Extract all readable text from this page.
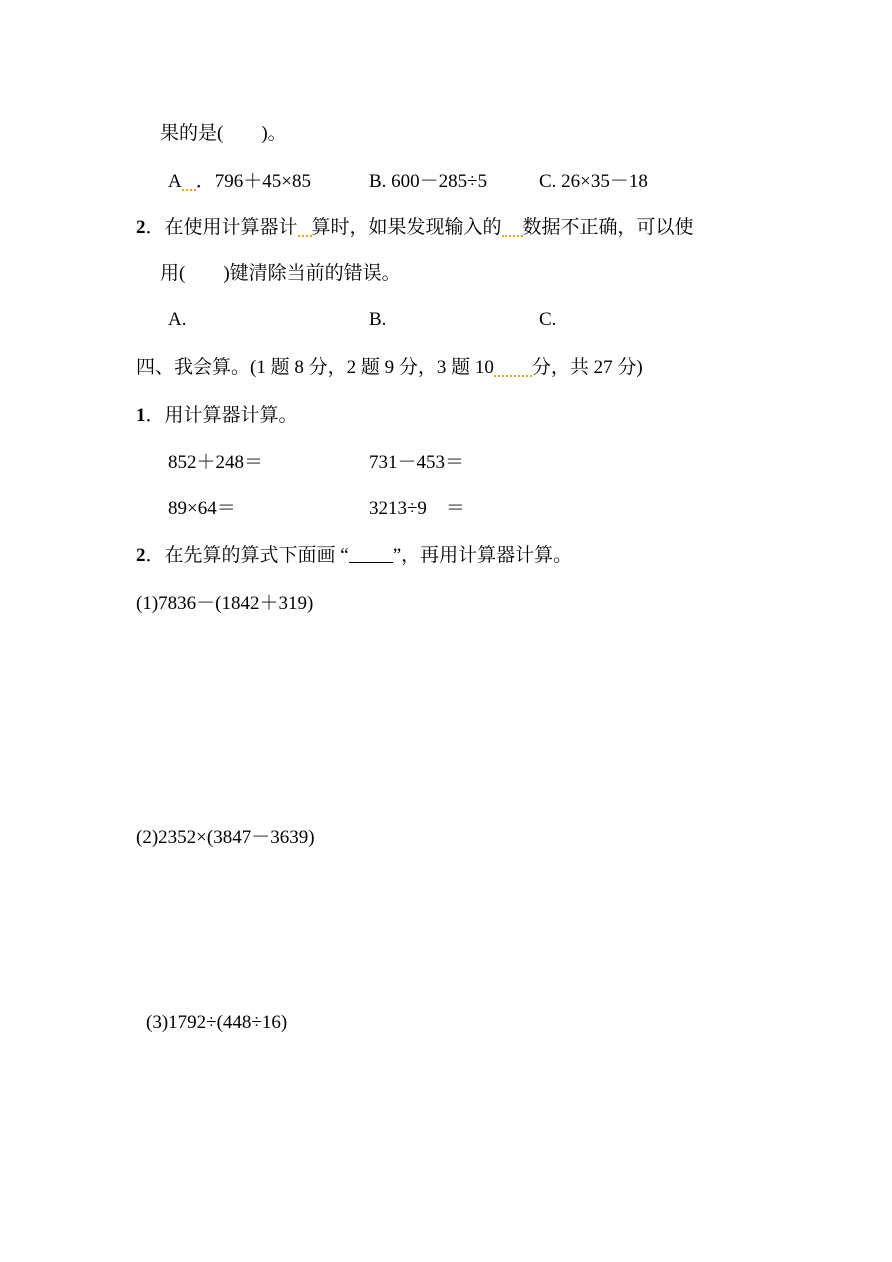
果的是(　　)。
A ．796＋45×85	B. 600－285÷5	C. 26×35－18
2．在使用计算器计 算时，如果发现输入的 数据不正确，可以使
用(　　)键清除当前的错误。
A.	B.	C.
四、我会算。(1 题 8 分，2 题 9 分，3 题 10 分，共 27 分)
1．用计算器计算。
852＋248＝	731－453＝
89×64＝	3213÷9　＝
2．在先算的算式下面画 “ ”，再用计算器计算。
(1)7836－(1842＋319)
(2)2352×(3847－3639)
(3)1792÷(448÷16)
